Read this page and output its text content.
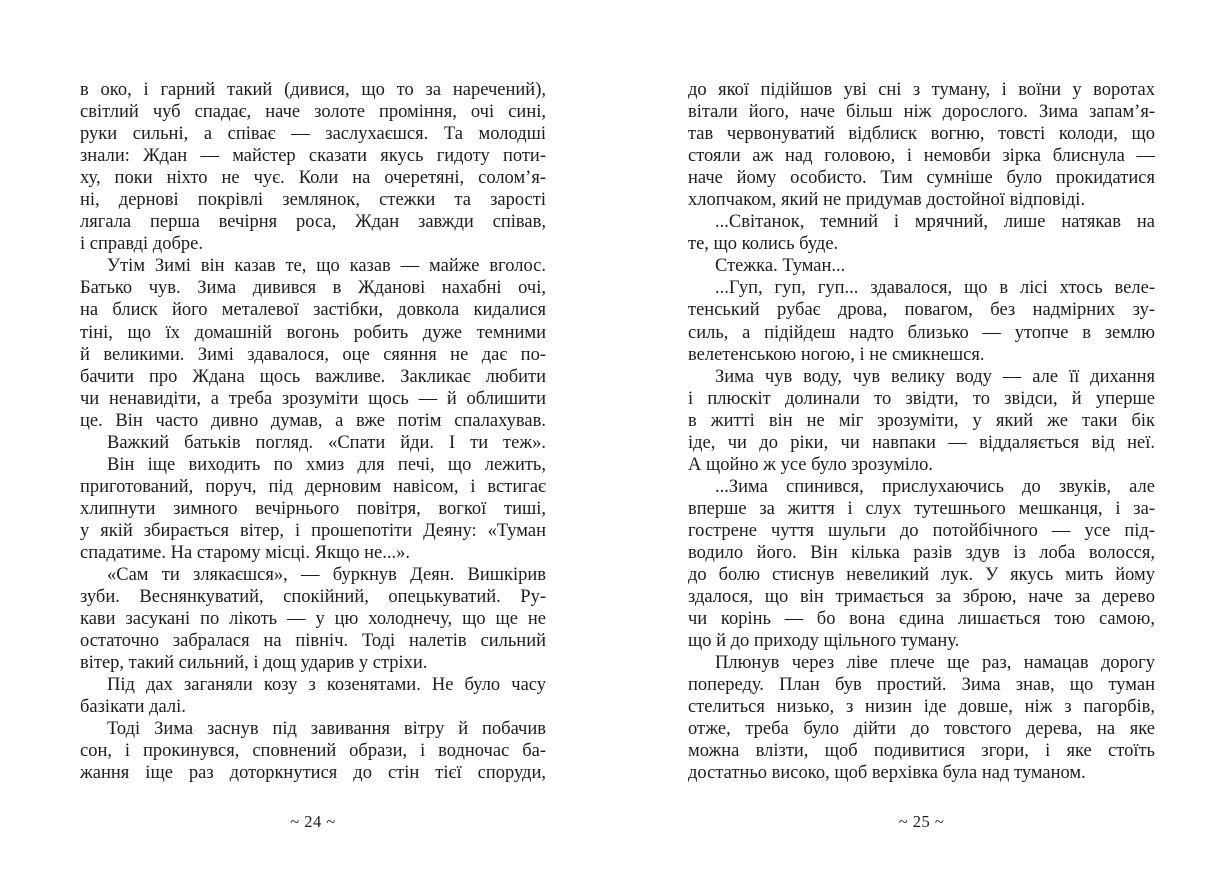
в око, і гарний такий (дивися, що то за наречений),
світлий чуб спадає, наче золоте проміння, очі сині,
руки сильні, а співає — заслухаєшся. Та молодші
знали: Ждан — майстер сказати якусь гидоту поти-
ху, поки ніхто не чує. Коли на очеретяні, солом’я-
ні, дернові покрівлі землянок, стежки та зарості
лягала перша вечірня роса, Ждан завжди співав,
і справді добре.
Утім Зимі він казав те, що казав — майже вголос.
Батько чув. Зима дивився в Жданові нахабні очі,
на блиск його металевої застібки, довкола кидалися
тіні, що їх домашній вогонь робить дуже темними
й великими. Зимі здавалося, оце сяяння не дає по-
бачити про Ждана щось важливе. Закликає любити
чи ненавидіти, а треба зрозуміти щось — й облишити
це. Він часто дивно думав, а вже потім спалахував.
Важкий батьків погляд. «Спати йди. І ти теж».
Він іще виходить по хмиз для печі, що лежить,
приготований, поруч, під дерновим навісом, і встигає
хлипнути зимного вечірнього повітря, вогкої тиші,
у якій збирається вітер, і прошепотіти Деяну: «Туман
спадатиме. На старому місці. Якщо не...».
«Сам ти злякаєшся», — буркнув Деян. Вишкірив
зуби. Веснянкуватий, спокійний, опецькуватий. Ру-
кави засукані по лікоть — у цю холоднечу, що ще не
остаточно забралася на північ. Тоді налетів сильний
вітер, такий сильний, і дощ ударив у стріхи.
Під дах заганяли козу з козенятами. Не було часу
базікати далі.
Тоді Зима заснув під завивання вітру й побачив
сон, і прокинувся, сповнений образи, і водночас ба-
жання іще раз доторкнутися до стін тієї споруди,
~ 24 ~
до якої підійшов уві сні з туману, і воїни у воротах
вітали його, наче більш ніж дорослого. Зима запам’я-
тав червонуватий відблиск вогню, товсті колоди, що
стояли аж над головою, і немовби зірка блиснула —
наче йому особисто. Тим сумніше було прокидатися
хлопчаком, який не придумав достойної відповіді.
...Світанок, темний і мрячний, лише натякав на
те, що колись буде.
Стежка. Туман...
...Гуп, гуп, гуп... здавалося, що в лісі хтось веле-
тенський рубає дрова, повагом, без надмірних зу-
силь, а підійдеш надто близько — утопче в землю
велетенською ногою, і не смикнешся.
Зима чув воду, чув велику воду — але її дихання
і плюскіт долинали то звідти, то звідси, й уперше
в житті він не міг зрозуміти, у який же таки бік
іде, чи до ріки, чи навпаки — віддаляється від неї.
А щойно ж усе було зрозуміло.
...Зима спинився, прислухаючись до звуків, але
вперше за життя і слух тутешнього мешканця, і за-
гострене чуття шульги до потойбічного — усе під-
водило його. Він кілька разів здув із лоба волосся,
до болю стиснув невеликий лук. У якусь мить йому
здалося, що він тримається за зброю, наче за дерево
чи корінь — бо вона єдина лишається тою самою,
що й до приходу щільного туману.
Плюнув через ліве плече ще раз, намацав дорогу
попереду. План був простий. Зима знав, що туман
стелиться низько, з низин іде довше, ніж з пагорбів,
отже, треба було дійти до товстого дерева, на яке
можна влізти, щоб подивитися згори, і яке стоїть
достатньо високо, щоб верхівка була над туманом.
~ 25 ~
